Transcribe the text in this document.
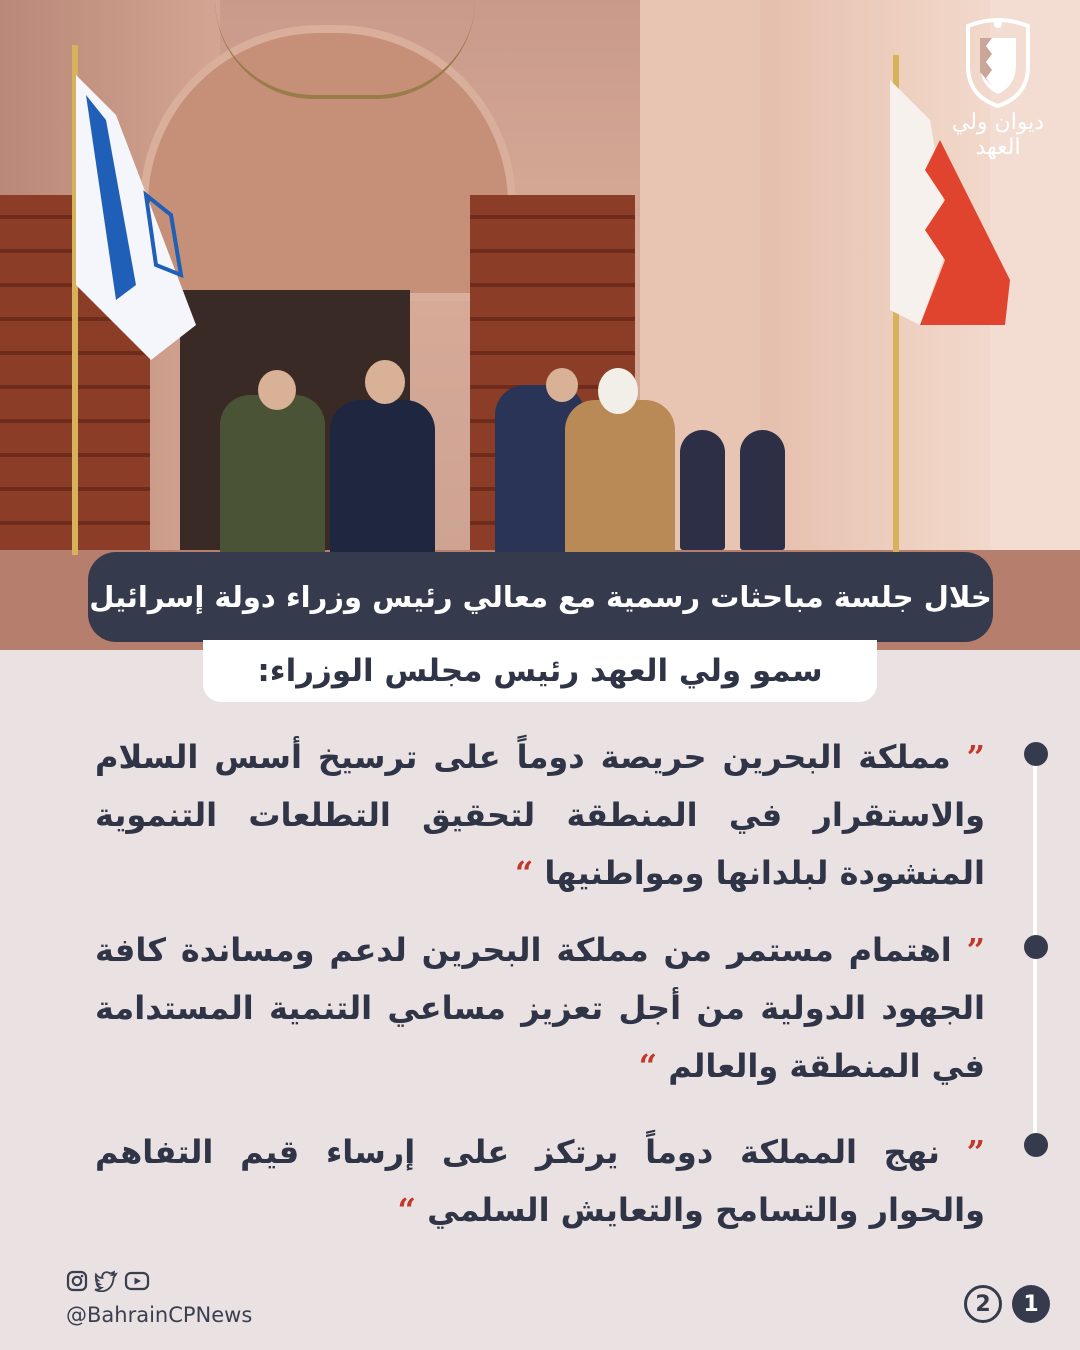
ديوان ولي العهد
خلال جلسة مباحثات رسمية مع معالي رئيس وزراء دولة إسرائيل
سمو ولي العهد رئيس مجلس الوزراء:
” مملكة البحرين حريصة دوماً على ترسيخ أسس السلام والاستقرار في المنطقة لتحقيق التطلعات التنموية المنشودة لبلدانها ومواطنيها “
” اهتمام مستمر من مملكة البحرين لدعم ومساندة كافة الجهود الدولية من أجل تعزيز مساعي التنمية المستدامة في المنطقة والعالم “
” نهج المملكة دوماً يرتكز على إرساء قيم التفاهم والحوار والتسامح والتعايش السلمي “
@BahrainCPNews	2	1
